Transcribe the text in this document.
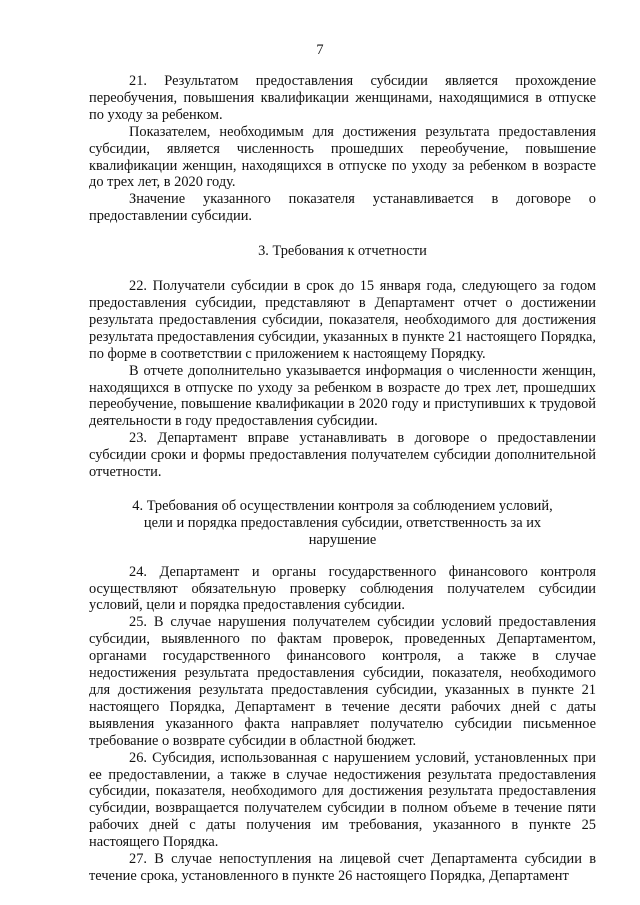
7

21. Результатом предоставления субсидии является прохождение переобучения, повышения квалификации женщинами, находящимися в отпуске по уходу за ребенком.

Показателем, необходимым для достижения результата предоставления субсидии, является численность прошедших переобучение, повышение квалификации женщин, находящихся в отпуске по уходу за ребенком в возрасте до трех лет, в 2020 году.

Значение указанного показателя устанавливается в договоре о предоставлении субсидии.

3. Требования к отчетности

22. Получатели субсидии в срок до 15 января года, следующего за годом предоставления субсидии, представляют в Департамент отчет о достижении результата предоставления субсидии, показателя, необходимого для достижения результата предоставления субсидии, указанных в пункте 21 настоящего Порядка, по форме в соответствии с приложением к настоящему Порядку.

В отчете дополнительно указывается информация о численности женщин, находящихся в отпуске по уходу за ребенком в возрасте до трех лет, прошедших переобучение, повышение квалификации в 2020 году и приступивших к трудовой деятельности в году предоставления субсидии.

23. Департамент вправе устанавливать в договоре о предоставлении субсидии сроки и формы предоставления получателем субсидии дополнительной отчетности.

4. Требования об осуществлении контроля за соблюдением условий,

цели и порядка предоставления субсидии, ответственность за их

нарушение

24. Департамент и органы государственного финансового контроля осуществляют обязательную проверку соблюдения получателем субсидии условий, цели и порядка предоставления субсидии.

25. В случае нарушения получателем субсидии условий предоставления субсидии, выявленного по фактам проверок, проведенных Департаментом, органами государственного финансового контроля, а также в случае недостижения результата предоставления субсидии, показателя, необходимого для достижения результата предоставления субсидии, указанных в пункте 21 настоящего Порядка, Департамент в течение десяти рабочих дней с даты выявления указанного факта направляет получателю субсидии письменное требование о возврате субсидии в областной бюджет.

26. Субсидия, использованная с нарушением условий, установленных при ее предоставлении, а также в случае недостижения результата предоставления субсидии, показателя, необходимого для достижения результата предоставления субсидии, возвращается получателем субсидии в полном объеме в течение пяти рабочих дней с даты получения им требования, указанного в пункте 25 настоящего Порядка.

27. В случае непоступления на лицевой счет Департамента субсидии в течение срока, установленного в пункте 26 настоящего Порядка, Департамент
